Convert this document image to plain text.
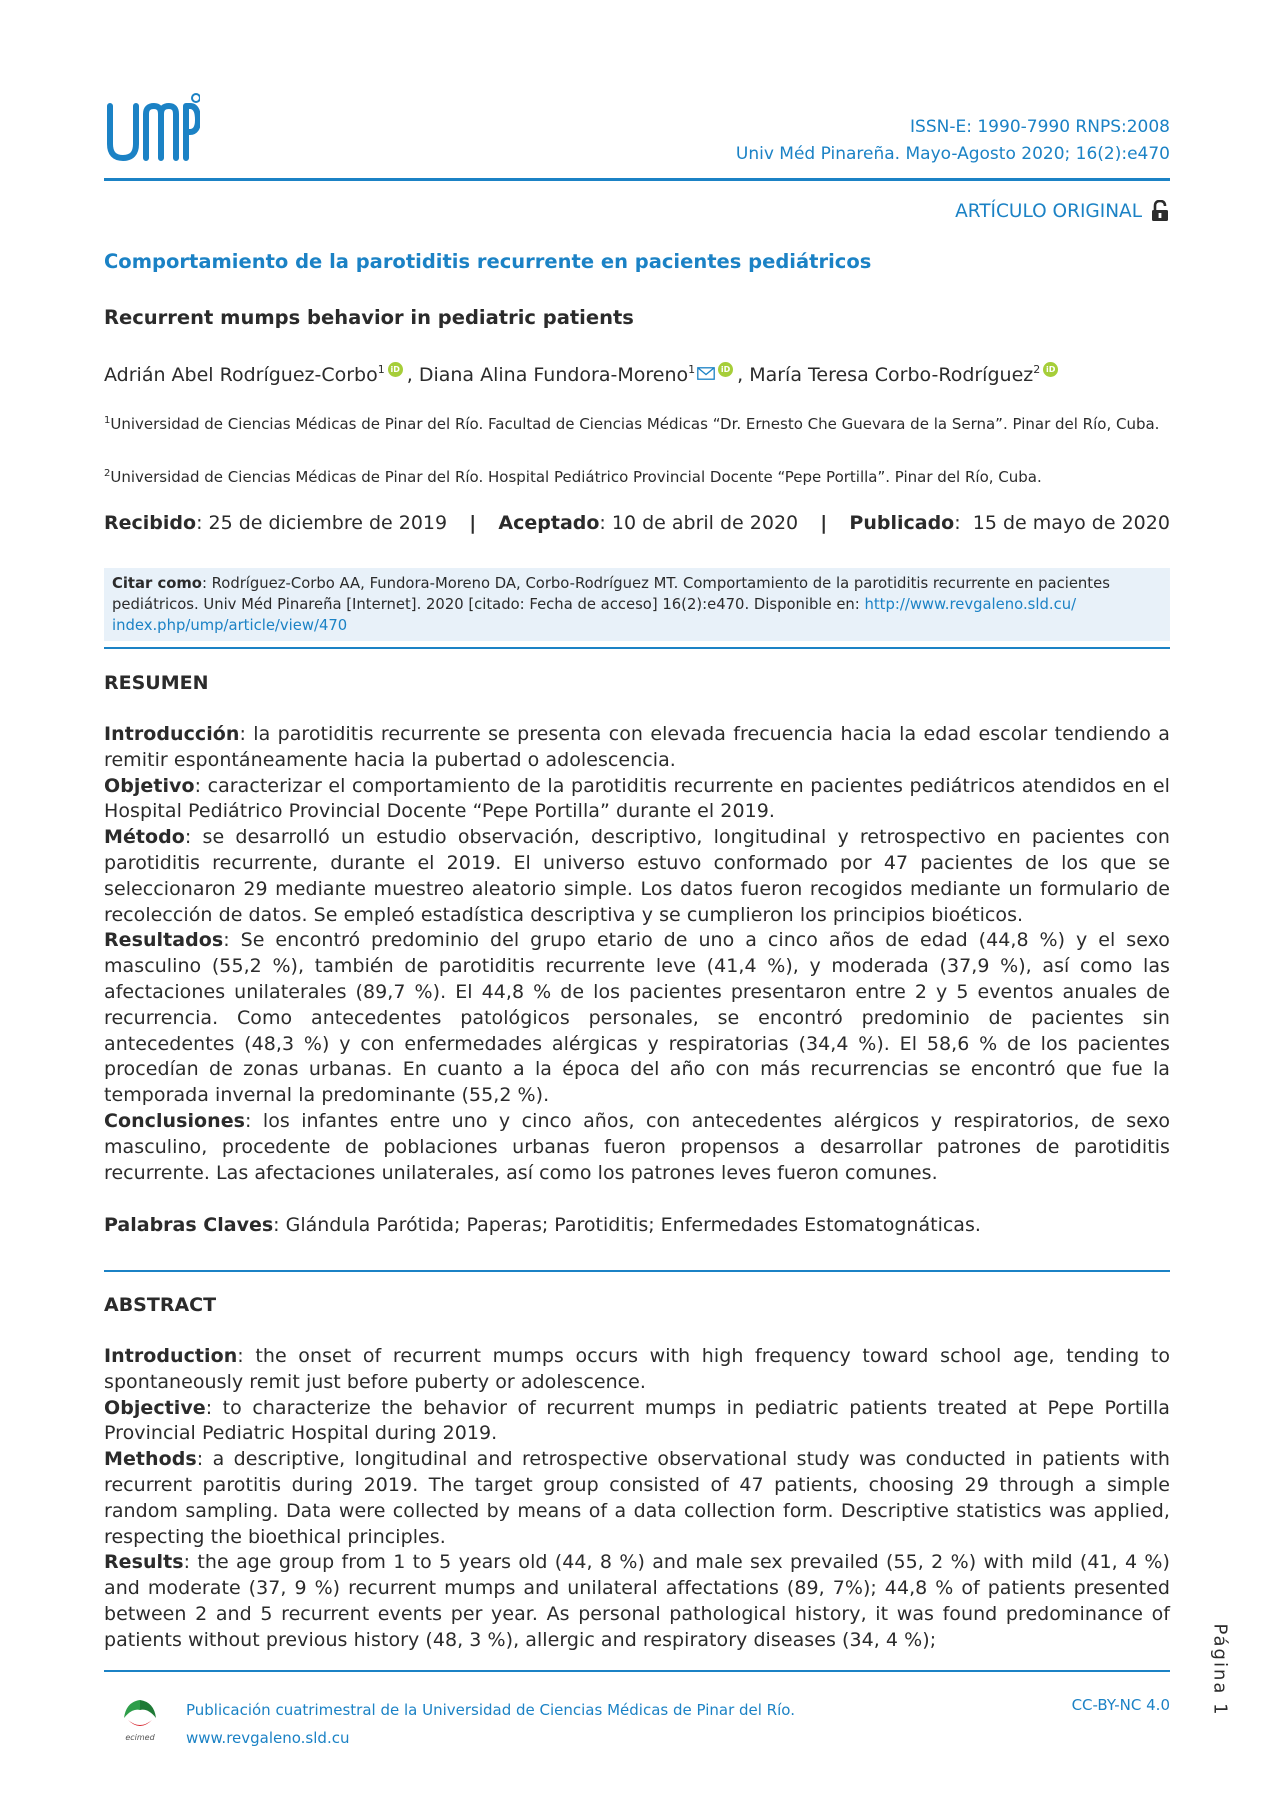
UMP
ISSN-E: 1990-7990 RNPS:2008
Univ Méd Pinareña. Mayo-Agosto 2020; 16(2):e470
ARTÍCULO ORIGINAL
Comportamiento de la parotiditis recurrente en pacientes pediátricos
Recurrent mumps behavior in pediatric patients
Adrián Abel Rodríguez-Corbo$^1$ iD , Diana Alina Fundora-Moreno$^1$	iD , María Teresa Corbo-Rodríguez$^2$ iD
$^1$Universidad de Ciencias Médicas de Pinar del Río. Facultad de Ciencias Médicas “Dr. Ernesto Che Guevara de la Serna”. Pinar del Río, Cuba.
$^2$Universidad de Ciencias Médicas de Pinar del Río. Hospital Pediátrico Provincial Docente “Pepe Portilla”. Pinar del Río, Cuba.
Recibido: 25 de diciembre de 2019 | Aceptado: 10 de abril de 2020 | Publicado:  15 de mayo de 2020
Citar como: Rodríguez-Corbo AA, Fundora-Moreno DA, Corbo-Rodríguez MT. Comportamiento de la parotiditis recurrente en pacientes pediátricos. Univ Méd Pinareña [Internet]. 2020 [citado: Fecha de acceso] 16(2):e470. Disponible en: http://www.revgaleno.sld.cu/ index.php/ump/article/view/470
RESUMEN

Introducción: la parotiditis recurrente se presenta con elevada frecuencia hacia la edad escolar tendiendo a remitir espontáneamente hacia la pubertad o adolescencia.

Objetivo: caracterizar el comportamiento de la parotiditis recurrente en pacientes pediátricos atendidos en el Hospital Pediátrico Provincial Docente “Pepe Portilla” durante el 2019.

Método: se desarrolló un estudio observación, descriptivo, longitudinal y retrospectivo en pacientes con parotiditis recurrente, durante el 2019. El universo estuvo conformado por 47 pacientes de los que se seleccionaron 29 mediante muestreo aleatorio simple. Los datos fueron recogidos mediante un formulario de recolección de datos. Se empleó estadística descriptiva y se cumplieron los principios bioéticos.

Resultados: Se encontró predominio del grupo etario de uno a cinco años de edad (44,8 %) y el sexo masculino (55,2 %), también de parotiditis recurrente leve (41,4 %), y moderada (37,9 %), así como las afectaciones unilaterales (89,7 %). El 44,8 % de los pacientes presentaron entre 2 y 5 eventos anuales de recurrencia. Como antecedentes patológicos personales, se encontró predominio de pacientes sin antecedentes (48,3 %) y con enfermedades alérgicas y respiratorias (34,4 %). El 58,6 % de los pacientes procedían de zonas urbanas. En cuanto a la época del año con más recurrencias se encontró que fue la temporada invernal la predominante (55,2 %).

Conclusiones: los infantes entre uno y cinco años, con antecedentes alérgicos y respiratorios, de sexo masculino, procedente de poblaciones urbanas fueron propensos a desarrollar patrones de parotiditis recurrente. Las afectaciones unilaterales, así como los patrones leves fueron comunes.

Palabras Claves: Glándula Parótida; Paperas; Parotiditis; Enfermedades Estomatognáticas.
ABSTRACT

Introduction: the onset of recurrent mumps occurs with high frequency toward school age, tending to spontaneously remit just before puberty or adolescence.

Objective: to characterize the behavior of recurrent mumps in pediatric patients treated at Pepe Portilla Provincial Pediatric Hospital during 2019.

Methods: a descriptive, longitudinal and retrospective observational study was conducted in patients with recurrent parotitis during 2019. The target group consisted of 47 patients, choosing 29 through a simple random sampling. Data were collected by means of a data collection form. Descriptive statistics was applied, respecting the bioethical principles.

Results: the age group from 1 to 5 years old (44, 8 %) and male sex prevailed (55, 2 %) with mild (41, 4 %) and moderate (37, 9 %) recurrent mumps and unilateral affectations (89, 7%); 44,8 % of patients presented between 2 and 5 recurrent events per year. As personal pathological history, it was found predominance of patients without previous history (48, 3 %), allergic and respiratory diseases (34, 4 %);	Página 1
ecimed
Publicación cuatrimestral de la Universidad de Ciencias Médicas de Pinar del Río.
www.revgaleno.sld.cu
CC-BY-NC 4.0
